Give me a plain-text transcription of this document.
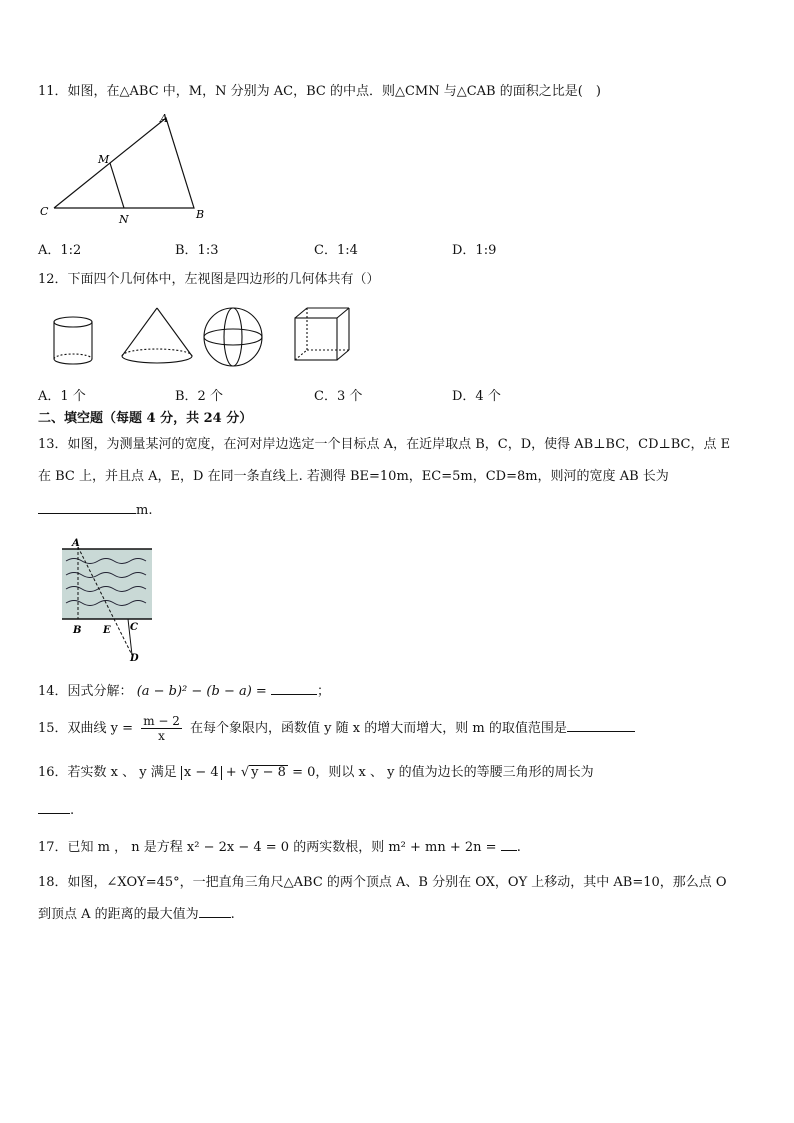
11．如图，在△ABC 中，M，N 分别为 AC，BC 的中点．则△CMN 与△CAB 的面积之比是(　)
A
M
C
N	B
A．1:2	B．1:3	C．1:4	D．1:9
12．下面四个几何体中，左视图是四边形的几何体共有（）
A．1 个	B．2 个	C．3 个	D．4 个
二、填空题（每题 4 分，共 24 分）
13．如图，为测量某河的宽度，在河对岸边选定一个目标点 A，在近岸取点 B，C，D，使得 AB⊥BC，CD⊥BC，点 E
在 BC 上，并且点 A，E，D 在同一条直线上. 若测得 BE=10m，EC=5m，CD=8m，则河的宽度 AB 长为
m.
A
B E C
D
14．因式分解： (a − b)² − (b − a) =	；
15．双曲线 $y = \frac{m - 2}{x}$ 在每个象限内，函数值 y 随 x 的增大而增大，则 m 的取值范围是
16．若实数 x 、 y 满足 x − 4 + √ y − 8 = 0，则以 x 、 y 的值为边长的等腰三角形的周长为
.
17．已知 m ， n 是方程 x² − 2x − 4 = 0 的两实数根，则 m² + mn + 2n = .
18．如图，∠XOY=45°，一把直角三角尺△ABC 的两个顶点 A、B 分别在 OX，OY 上移动，其中 AB=10，那么点 O
到顶点 A 的距离的最大值为 .
